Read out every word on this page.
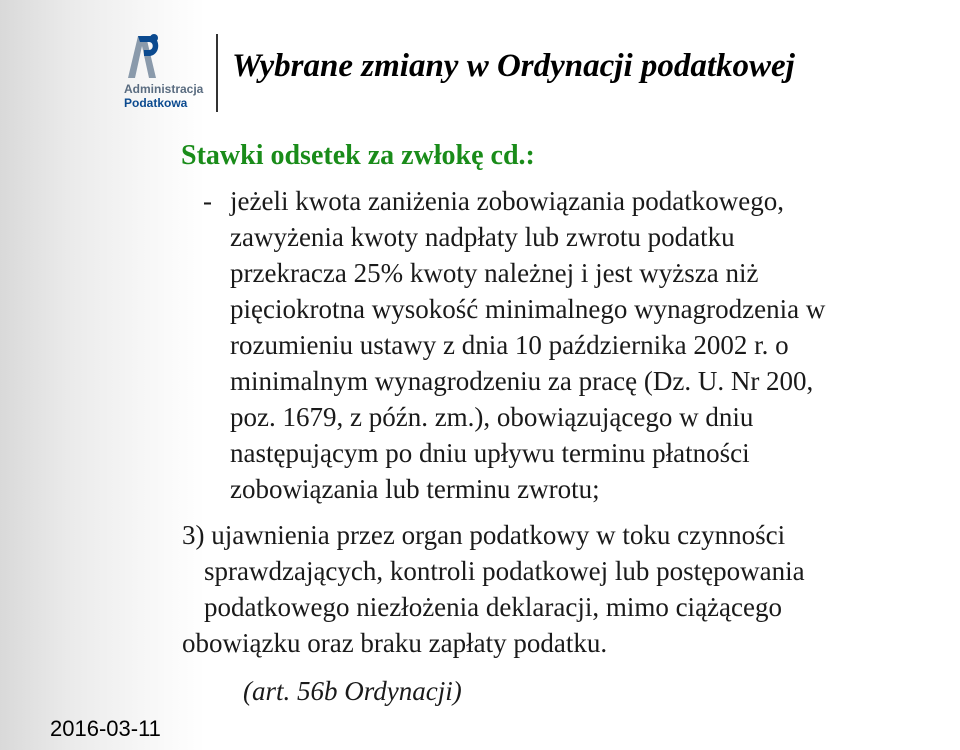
Administracja
Podatkowa
Wybrane zmiany w Ordynacji podatkowej
Stawki odsetek za zwłokę cd.:
- jeżeli kwota zaniżenia zobowiązania podatkowego,
zawyżenia kwoty nadpłaty lub zwrotu podatku
przekracza 25% kwoty należnej i jest wyższa niż
pięciokrotna wysokość minimalnego wynagrodzenia w
rozumieniu ustawy z dnia 10 października 2002 r. o
minimalnym wynagrodzeniu za pracę (Dz. U. Nr 200,
poz. 1679, z późn. zm.), obowiązującego w dniu
następującym po dniu upływu terminu płatności
zobowiązania lub terminu zwrotu;
3) ujawnienia przez organ podatkowy w toku czynności
sprawdzających, kontroli podatkowej lub postępowania
podatkowego niezłożenia deklaracji, mimo ciążącego
obowiązku oraz braku zapłaty podatku.
(art. 56b Ordynacji)
2016-03-11
